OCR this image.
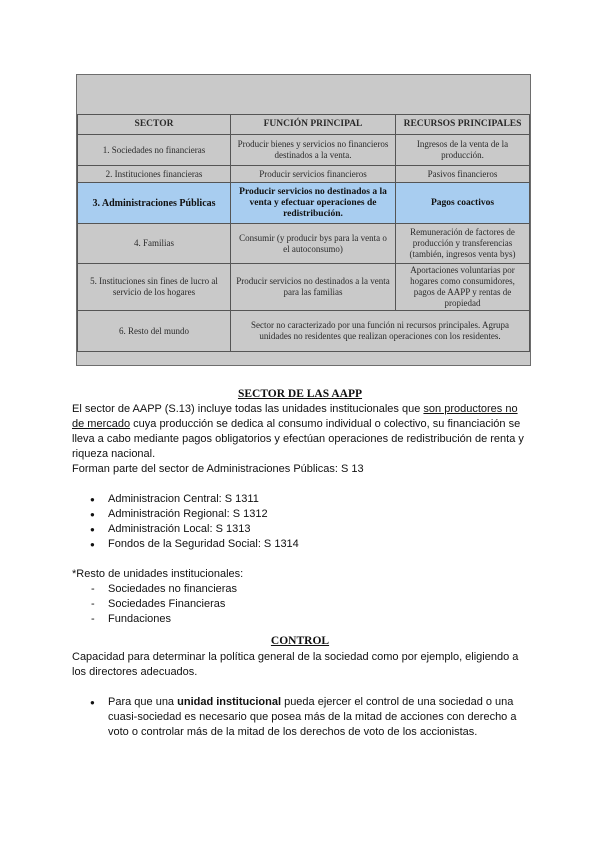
SECTOR	FUNCIÓN PRINCIPAL	RECURSOS PRINCIPALES
1. Sociedades no financieras	Producir bienes y servicios no financieros destinados a la venta.	Ingresos de la venta de la producción.
2. Instituciones financieras	Producir servicios financieros	Pasivos financieros
3. Administraciones Públicas	Producir servicios no destinados a la venta y efectuar operaciones de redistribución.	Pagos coactivos
4. Familias	Consumir (y producir bys para la venta o el autoconsumo)	Remuneración de factores de producción y transferencias (también, ingresos venta bys)
5. Instituciones sin fines de lucro al servicio de los hogares	Producir servicios no destinados a la venta para las familias	Aportaciones voluntarias por hogares como consumidores, pagos de AAPP y rentas de propiedad
6. Resto del mundo	Sector no caracterizado por una función ni recursos principales. Agrupa unidades no residentes que realizan operaciones con los residentes.	
SECTOR DE LAS AAPP

El sector de AAPP (S.13) incluye todas las unidades institucionales que son productores no de mercado cuya producción se dedica al consumo individual o colectivo, su financiación se lleva a cabo mediante pagos obligatorios y efectúan operaciones de redistribución de renta y riqueza nacional.

Forman parte del sector de Administraciones Públicas: S 13

● Administracion Central: S 1311
● Administración Regional: S 1312
● Administración Local: S 1313
● Fondos de la Seguridad Social: S 1314

*Resto de unidades institucionales:

- Sociedades no financieras
- Sociedades Financieras
- Fundaciones
CONTROL

Capacidad para determinar la política general de la sociedad como por ejemplo, eligiendo a los directores adecuados.

● Para que una unidad institucional pueda ejercer el control de una sociedad o una cuasi-sociedad es necesario que posea más de la mitad de acciones con derecho a voto o controlar más de la mitad de los derechos de voto de los accionistas.
